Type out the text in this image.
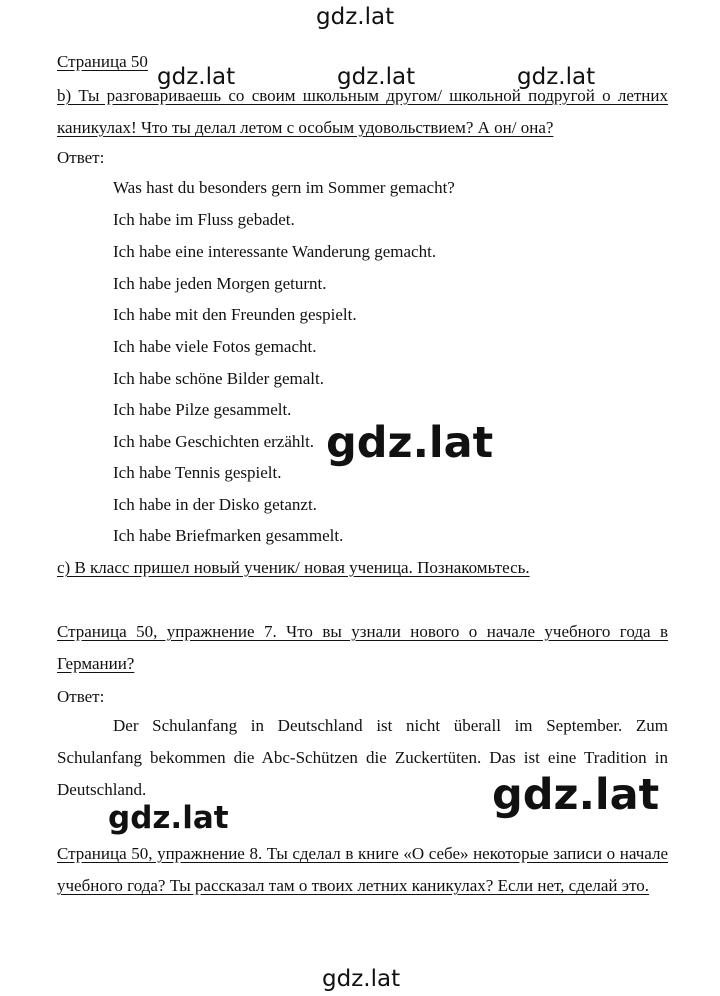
gdz.lat
Страница 50
gdz.lat	gdz.lat	gdz.lat
b) Ты разговариваешь со своим школьным другом/ школьной подругой о летних каникулах! Что ты делал летом с особым удовольствием? А он/ она?
Ответ:
Was hast du besonders gern im Sommer gemacht?
Ich habe im Fluss gebadet.
Ich habe eine interessante Wanderung gemacht.
Ich habe jeden Morgen geturnt.
Ich habe mit den Freunden gespielt.
Ich habe viele Fotos gemacht.
Ich habe schöne Bilder gemalt.
Ich habe Pilze gesammelt.
Ich habe Geschichten erzählt.
Ich habe Tennis gespielt.
Ich habe in der Disko getanzt.
Ich habe Briefmarken gesammelt.
gdz.lat
c) В класс пришел новый ученик/ новая ученица. Познакомьтесь.
Страница 50, упражнение 7. Что вы узнали нового о начале учебного года в Германии?
Ответ:
Der Schulanfang in Deutschland ist nicht überall im September. Zum Schulanfang bekommen die Abc-Schützen die Zuckertüten. Das ist eine Tradition in Deutschland.	gdz.lat
gdz.lat
Страница 50, упражнение 8. Ты сделал в книге «О себе» некоторые записи о начале учебного года? Ты рассказал там о твоих летних каникулах? Если нет, сделай это.
gdz.lat
